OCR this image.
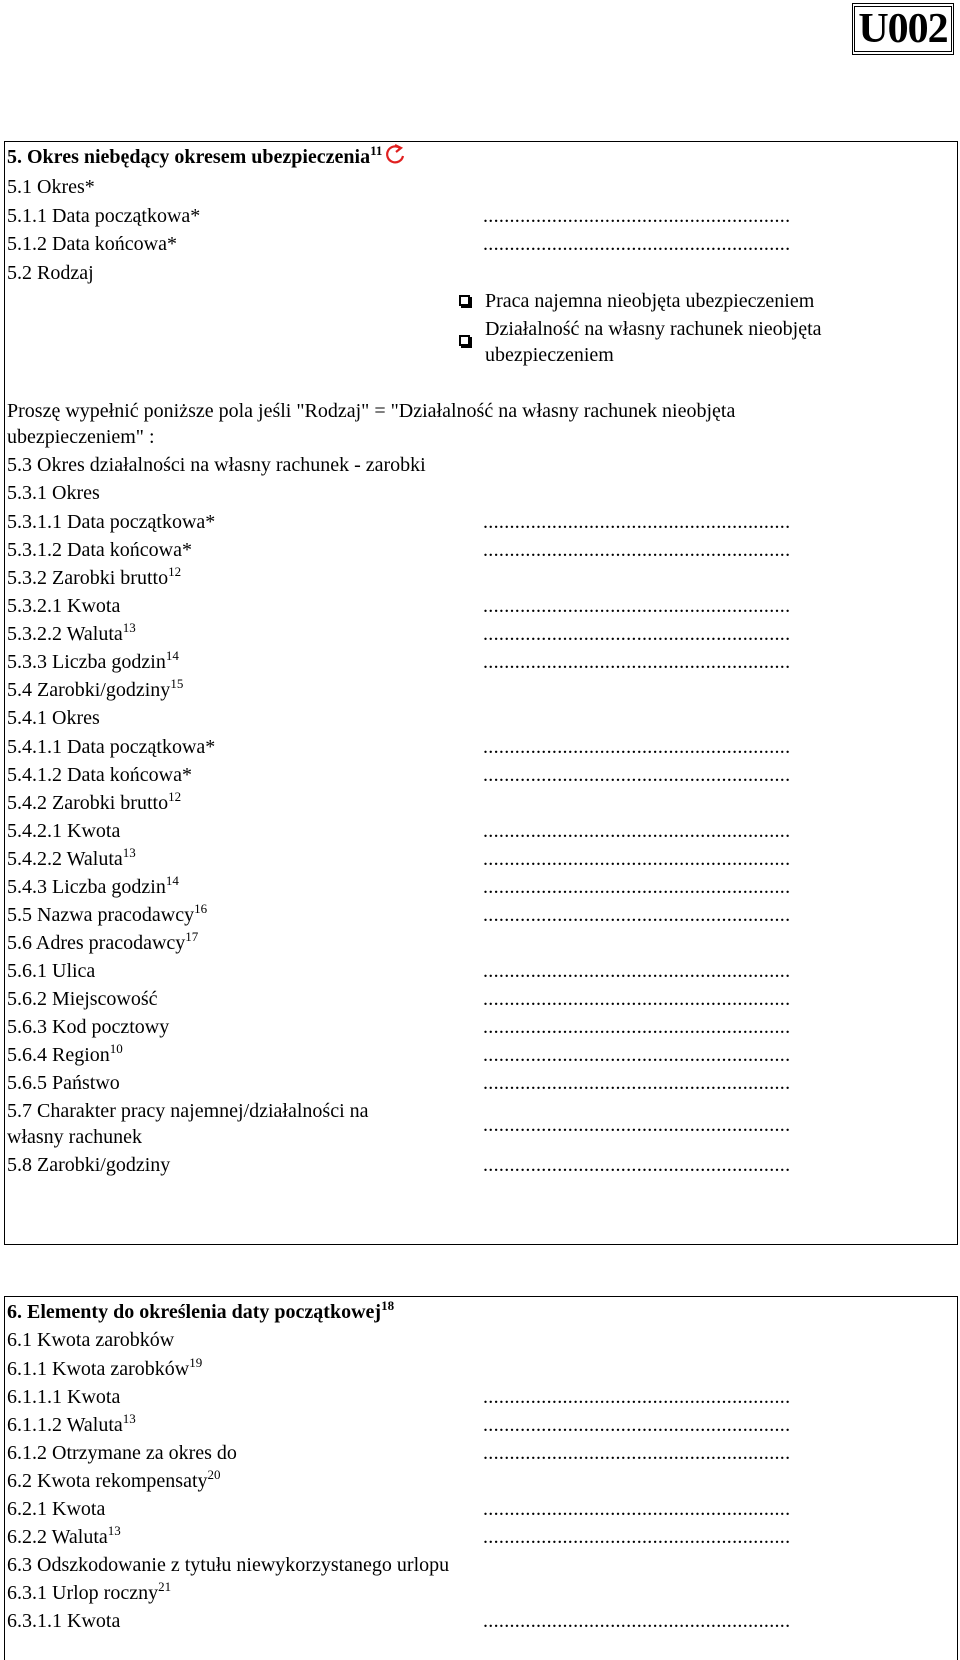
U002
5. Okres niebędący okresem ubezpieczenia$^{11}$
5.1 Okres*
5.1.1 Data początkowa*	..........................................................
5.1.2 Data końcowa*	..........................................................
5.2 Rodzaj
Praca najemna nieobjęta ubezpieczeniem
Działalność na własny rachunek nieobjęta
ubezpieczeniem
Proszę wypełnić poniższe pola jeśli "Rodzaj" = "Działalność na własny rachunek nieobjęta
ubezpieczeniem" :
5.3 Okres działalności na własny rachunek - zarobki
5.3.1 Okres
5.3.1.1 Data początkowa*	..........................................................
5.3.1.2 Data końcowa*	..........................................................
5.3.2 Zarobki brutto$^{12}$
5.3.2.1 Kwota	..........................................................
5.3.2.2 Waluta$^{13}$	..........................................................
5.3.3 Liczba godzin$^{14}$	..........................................................
5.4 Zarobki/godziny$^{15}$
5.4.1 Okres
5.4.1.1 Data początkowa*	..........................................................
5.4.1.2 Data końcowa*	..........................................................
5.4.2 Zarobki brutto$^{12}$
5.4.2.1 Kwota	..........................................................
5.4.2.2 Waluta$^{13}$	..........................................................
5.4.3 Liczba godzin$^{14}$	..........................................................
5.5 Nazwa pracodawcy$^{16}$	..........................................................
5.6 Adres pracodawcy$^{17}$
5.6.1 Ulica	..........................................................
5.6.2 Miejscowość	..........................................................
5.6.3 Kod pocztowy	..........................................................
5.6.4 Region$^{10}$	..........................................................
5.6.5 Państwo	..........................................................
5.7 Charakter pracy najemnej/działalności na
własny rachunek
..........................................................
5.8 Zarobki/godziny	..........................................................
6. Elementy do określenia daty początkowej$^{18}$
6.1 Kwota zarobków
6.1.1 Kwota zarobków$^{19}$
6.1.1.1 Kwota	..........................................................
6.1.1.2 Waluta$^{13}$	..........................................................
6.1.2 Otrzymane za okres do	..........................................................
6.2 Kwota rekompensaty$^{20}$
6.2.1 Kwota	..........................................................
6.2.2 Waluta$^{13}$	..........................................................
6.3 Odszkodowanie z tytułu niewykorzystanego urlopu
6.3.1 Urlop roczny$^{21}$
6.3.1.1 Kwota	..........................................................
